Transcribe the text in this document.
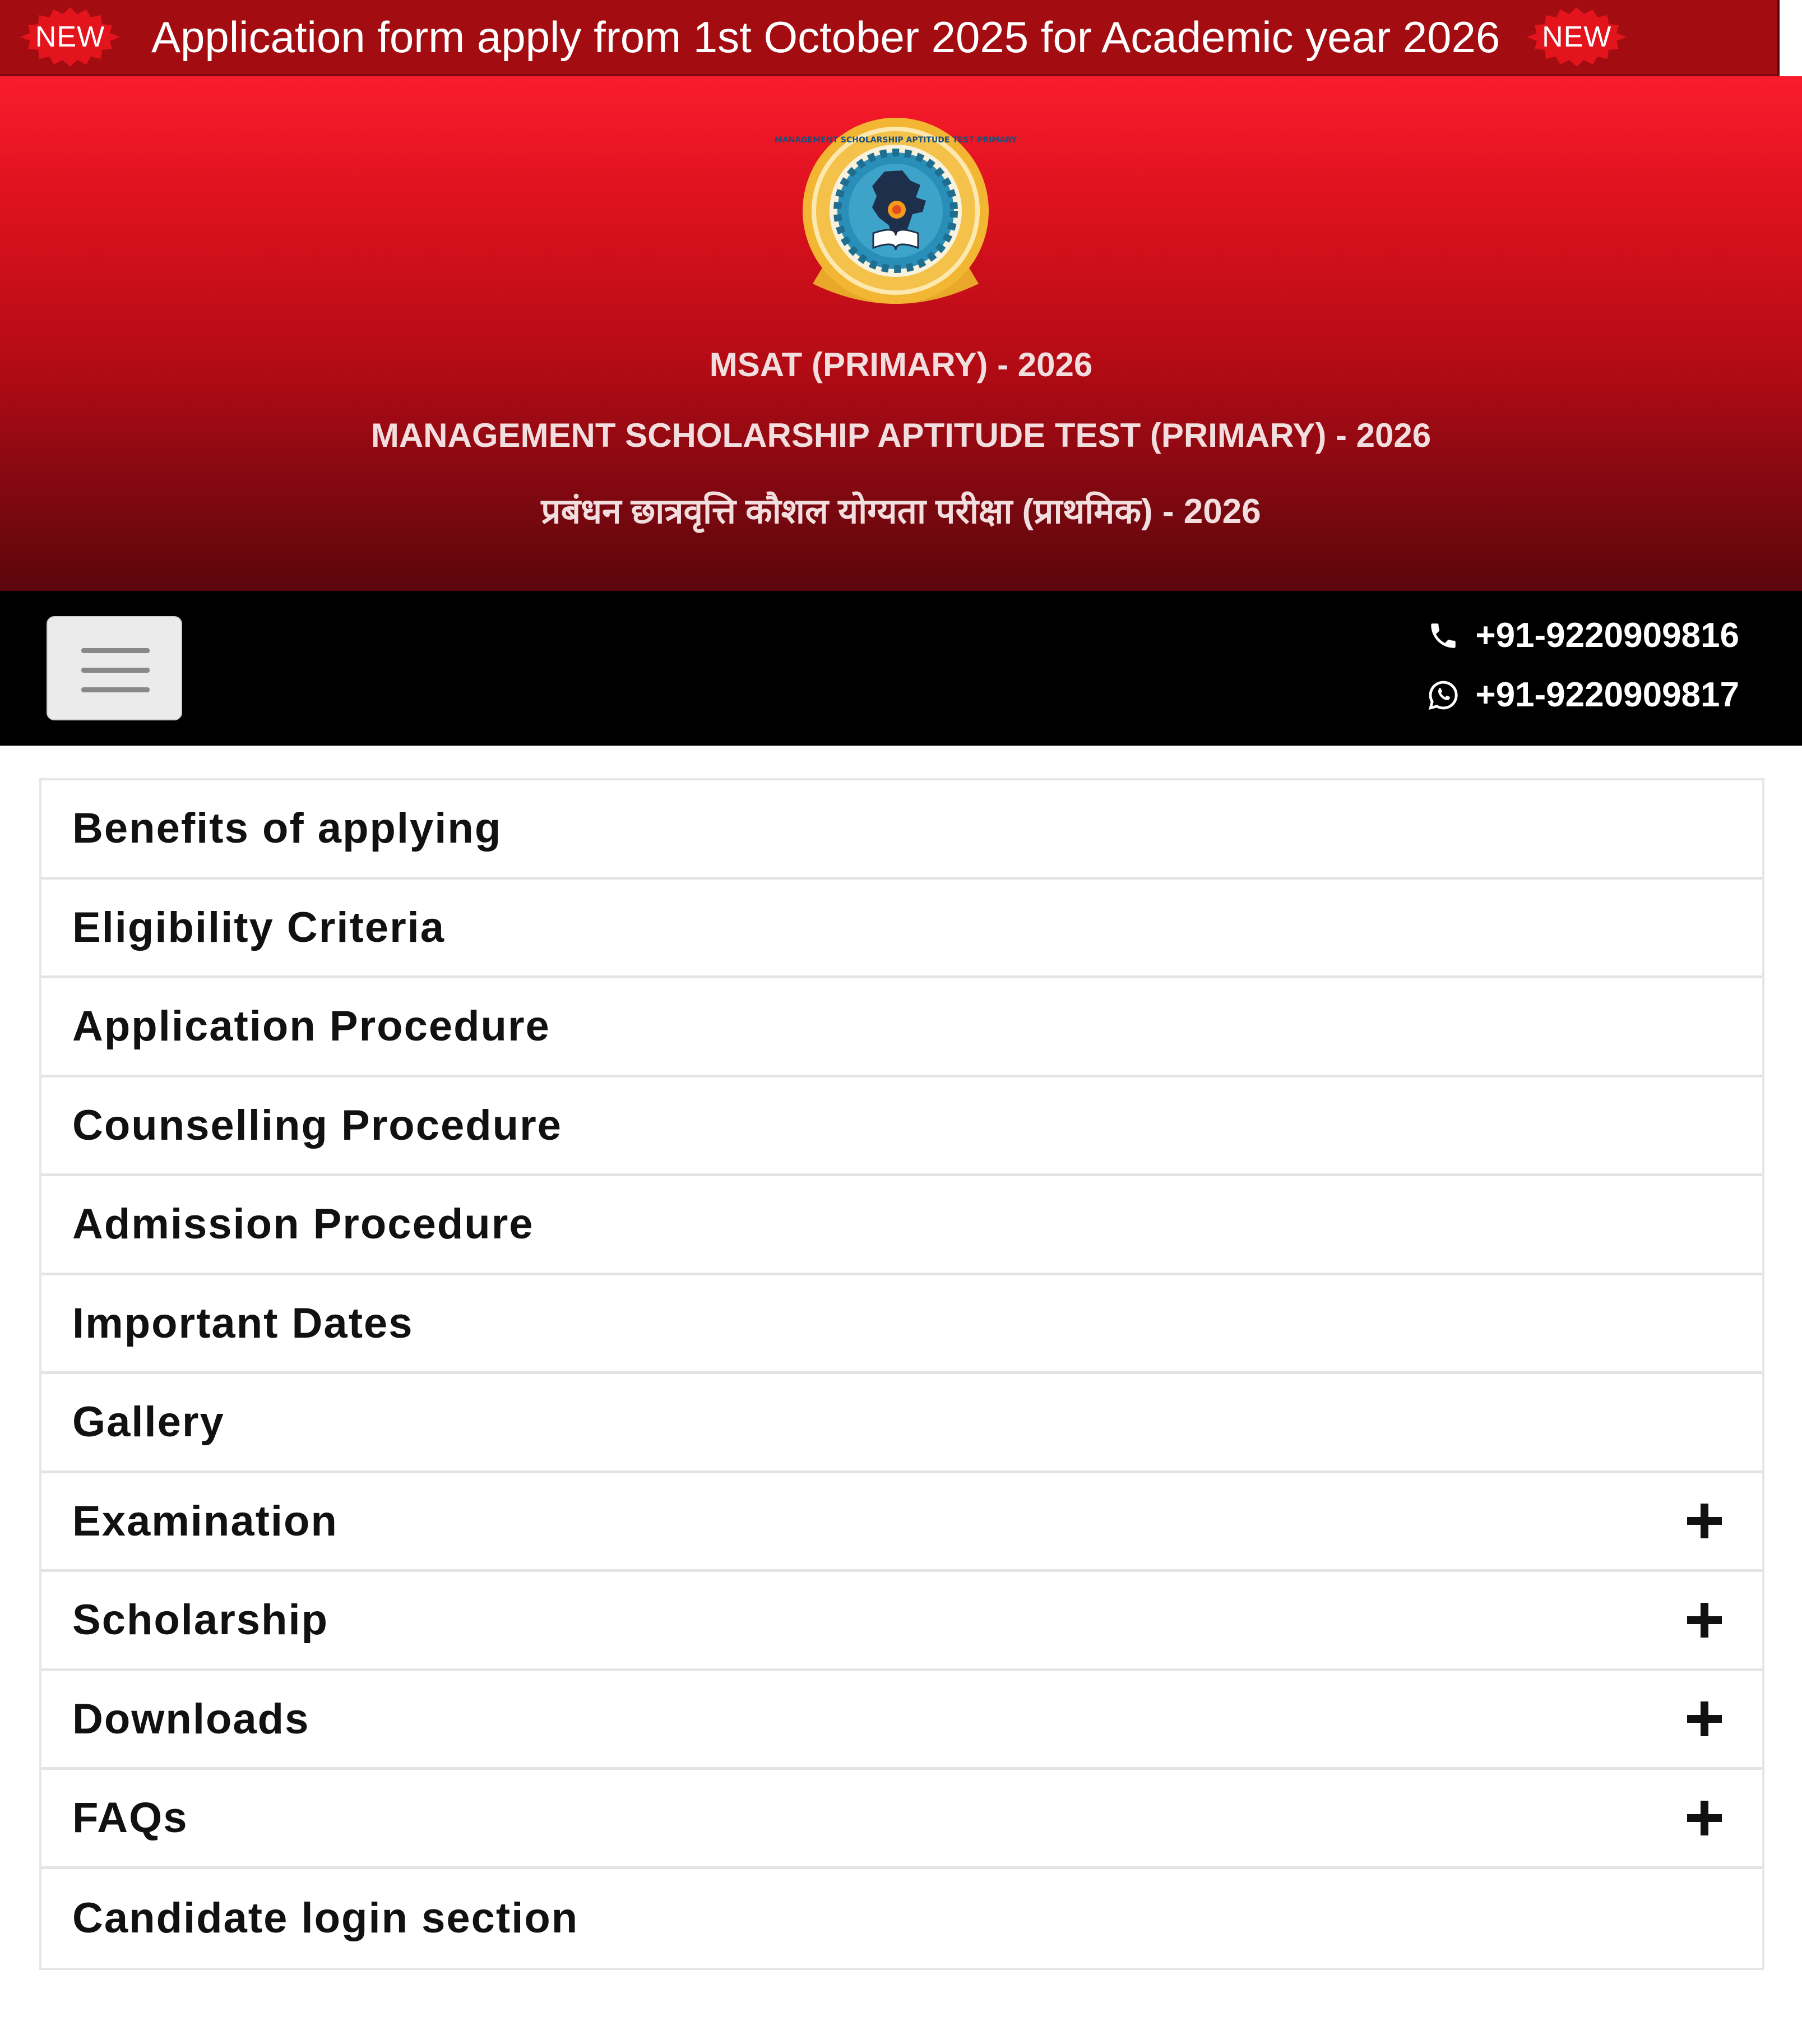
NEW	Application form apply from 1st October 2025 for Academic year 2026	NEW
MANAGEMENT SCHOLARSHIP APTITUDE TEST PRIMARY
MSAT (PRIMARY) - 2026
MANAGEMENT SCHOLARSHIP APTITUDE TEST (PRIMARY) - 2026
प्रबंधन छात्रवृत्ति कौशल योग्यता परीक्षा (प्राथमिक) - 2026
+91-9220909816
+91-9220909817
Benefits of applying
Eligibility Criteria
Application Procedure
Counselling Procedure
Admission Procedure
Important Dates
Gallery
Examination
Scholarship
Downloads
FAQs
Candidate login section
